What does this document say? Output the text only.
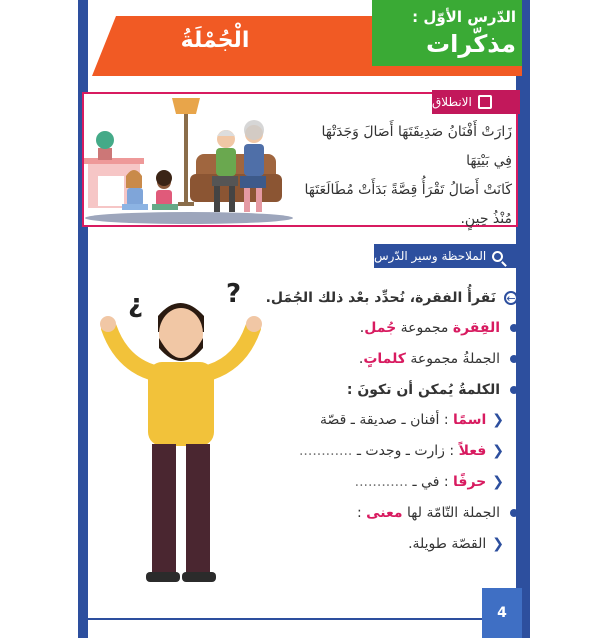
الْجُمْلَةُ
الدّرس الأوّل :
مذكّرات
الانطلاق
زَارَتْ أَفْنَانُ صَدِيقَتَهَا أَصَالَ وَجَدَتْهَا فِي بَيْتِهَا
كَانَتْ أَصَالُ تَقْرَأُ قِصَّةً بَدَأَتْ مُطَالَعَتَهَا
مُنْذُ حِينٍ.
الملاحظة وسير الدّرس
¿	?	←نَقرأُ الفقرة، نُحدِّد بعْد ذلك الجُمَل.
الفِقرة مجموعة جُمل.
الجملةُ مجموعة كلماتٍ.
الكلمةُ يُمكن أن تكونَ :
❮اسمًا : أفنان ـ صديقة ـ قصّة
❮فعلاً : زارت ـ وجدت ـ ............
❮حرفًا : في ـ ............
الجملة التّامّة لها معنى :
❮القصّة طويلة.
4
